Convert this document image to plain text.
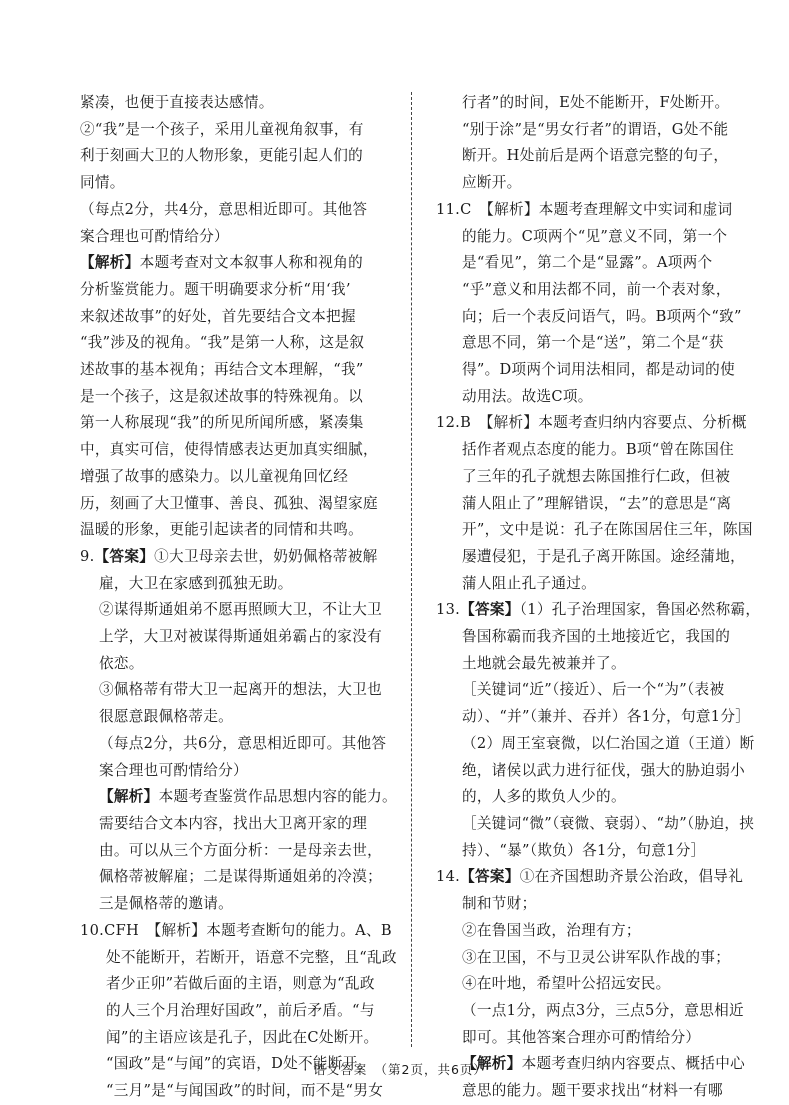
紧凑，也便于直接表达感情。
②“我”是一个孩子，采用儿童视角叙事，有
利于刻画大卫的人物形象，更能引起人们的
同情。
（每点2分，共4分，意思相近即可。其他答
案合理也可酌情给分）
【解析】本题考查对文本叙事人称和视角的
分析鉴赏能力。题干明确要求分析“用‘我’
来叙述故事”的好处，首先要结合文本把握
“我”涉及的视角。“我”是第一人称，这是叙
述故事的基本视角；再结合文本理解，“我”
是一个孩子，这是叙述故事的特殊视角。以
第一人称展现“我”的所见所闻所感，紧凑集
中，真实可信，使得情感表达更加真实细腻，
增强了故事的感染力。以儿童视角回忆经
历，刻画了大卫懂事、善良、孤独、渴望家庭
温暖的形象，更能引起读者的同情和共鸣。
9.【答案】①大卫母亲去世，奶奶佩格蒂被解
雇，大卫在家感到孤独无助。
②谋得斯通姐弟不愿再照顾大卫，不让大卫
上学，大卫对被谋得斯通姐弟霸占的家没有
依恋。
③佩格蒂有带大卫一起离开的想法，大卫也
很愿意跟佩格蒂走。
（每点2分，共6分，意思相近即可。其他答
案合理也可酌情给分）
【解析】本题考查鉴赏作品思想内容的能力。
需要结合文本内容，找出大卫离开家的理
由。可以从三个方面分析：一是母亲去世，
佩格蒂被解雇；二是谋得斯通姐弟的冷漠；
三是佩格蒂的邀请。
10.CFH　【解析】本题考查断句的能力。A、B
处不能断开，若断开，语意不完整，且“乱政
者少正卯”若做后面的主语，则意为“乱政
的人三个月治理好国政”，前后矛盾。“与
闻”的主语应该是孔子，因此在C处断开。
“国政”是“与闻”的宾语，D处不能断开。
“三月”是“与闻国政”的时间，而不是“男女
行者”的时间，E处不能断开，F处断开。
“别于涂”是“男女行者”的谓语，G处不能
断开。H处前后是两个语意完整的句子，
应断开。
11.C　【解析】本题考查理解文中实词和虚词
的能力。C项两个“见”意义不同，第一个
是“看见”，第二个是“显露”。A项两个
“乎”意义和用法都不同，前一个表对象，
向；后一个表反问语气，吗。B项两个“致”
意思不同，第一个是“送”，第二个是“获
得”。D项两个词用法相同，都是动词的使
动用法。故选C项。
12.B　【解析】本题考查归纳内容要点、分析概
括作者观点态度的能力。B项“曾在陈国住
了三年的孔子就想去陈国推行仁政，但被
蒲人阻止了”理解错误，“去”的意思是“离
开”，文中是说：孔子在陈国居住三年，陈国
屡遭侵犯，于是孔子离开陈国。途经蒲地，
蒲人阻止孔子通过。
13.【答案】（1）孔子治理国家，鲁国必然称霸，
鲁国称霸而我齐国的土地接近它，我国的
土地就会最先被兼并了。
［关键词“近”（接近）、后一个“为”（表被
动）、“并”（兼并、吞并）各1分，句意1分］
（2）周王室衰微，以仁治国之道（王道）断
绝，诸侯以武力进行征伐，强大的胁迫弱小
的，人多的欺负人少的。
［关键词“微”（衰微、衰弱）、“劫”（胁迫，挟
持）、“暴”（欺负）各1分，句意1分］
14.【答案】①在齐国想助齐景公治政，倡导礼
制和节财；
②在鲁国当政，治理有方；
③在卫国，不与卫灵公讲军队作战的事；
④在叶地，希望叶公招远安民。
（一点1分，两点3分，三点5分，意思相近
即可。其他答案合理亦可酌情给分）
【解析】本题考查归纳内容要点、概括中心
意思的能力。题干要求找出“材料一有哪
· 语文答案　（第2页，共6页）·
